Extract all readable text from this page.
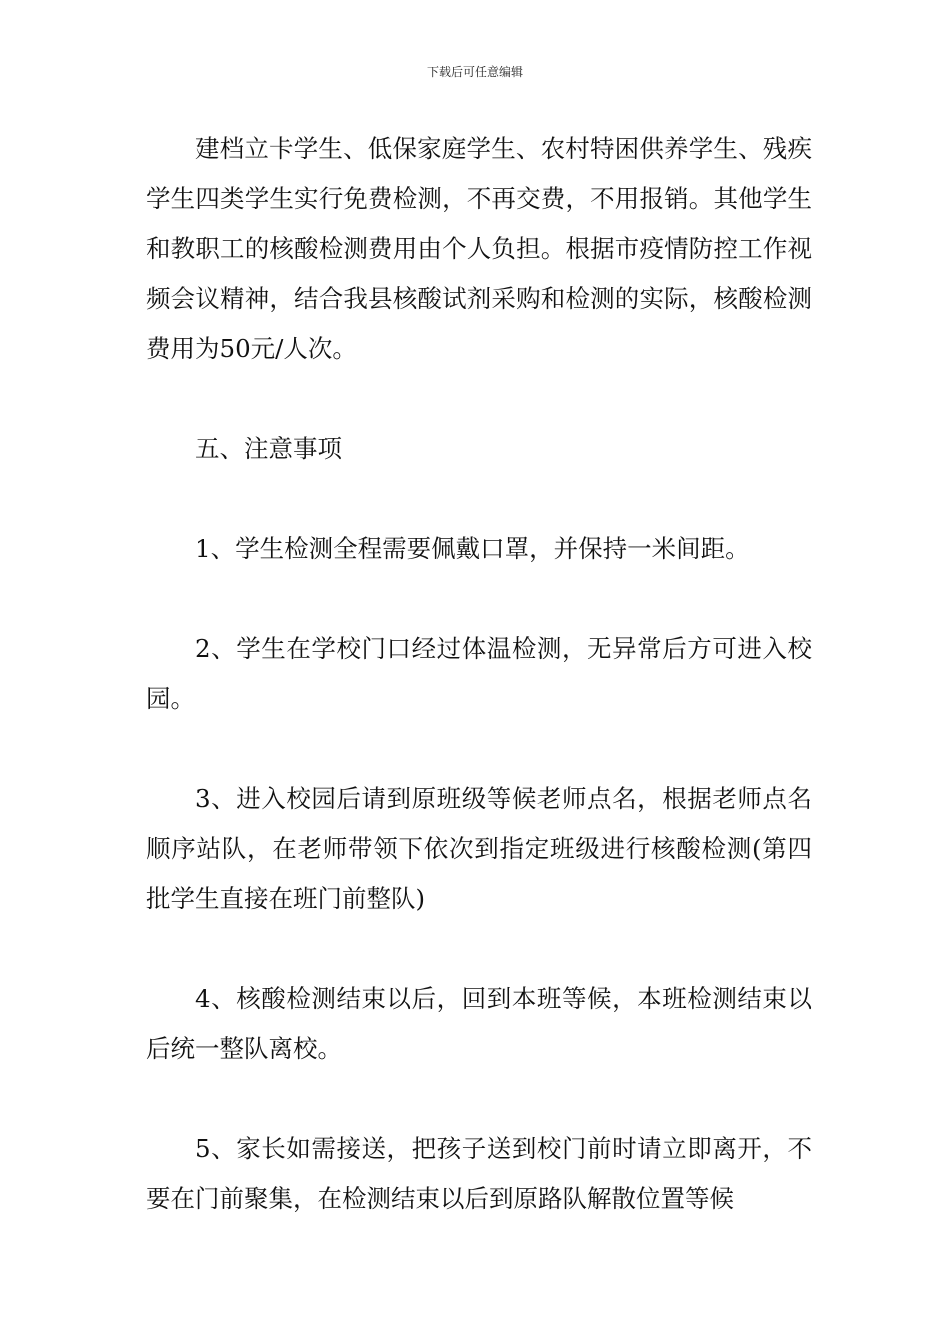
下载后可任意编辑

建档立卡学生、低保家庭学生、农村特困供养学生、残疾学生四类学生实行免费检测，不再交费，不用报销。其他学生和教职工的核酸检测费用由个人负担。根据市疫情防控工作视频会议精神，结合我县核酸试剂采购和检测的实际，核酸检测费用为50元/人次。

五、注意事项

1、学生检测全程需要佩戴口罩，并保持一米间距。

2、学生在学校门口经过体温检测，无异常后方可进入校园。

3、进入校园后请到原班级等候老师点名，根据老师点名顺序站队，在老师带领下依次到指定班级进行核酸检测(第四批学生直接在班门前整队)

4、核酸检测结束以后，回到本班等候，本班检测结束以后统一整队离校。

5、家长如需接送，把孩子送到校门前时请立即离开，不要在门前聚集，在检测结束以后到原路队解散位置等候
